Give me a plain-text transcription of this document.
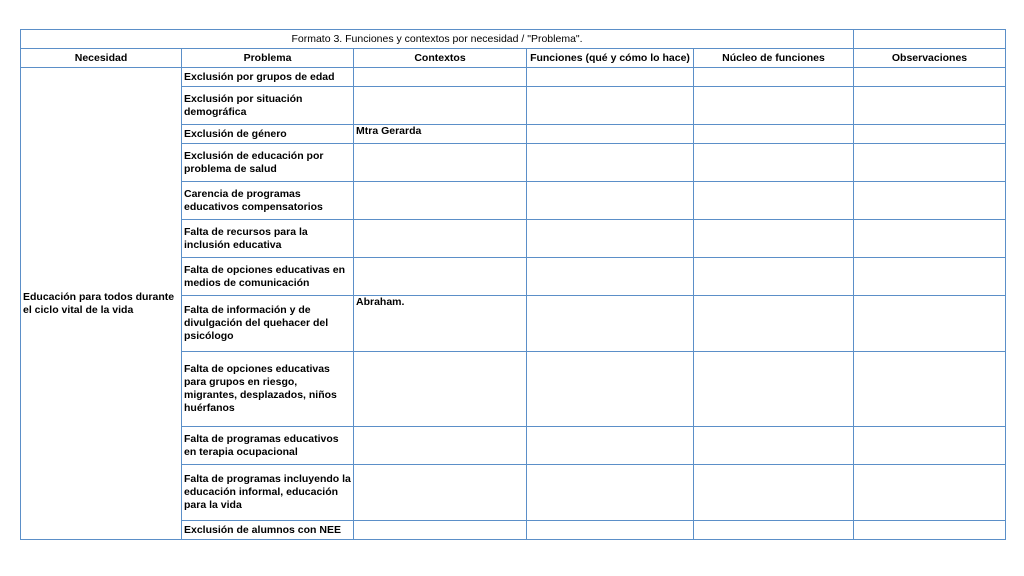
Formato 3. Funciones y contextos por necesidad / "Problema".					
Necesidad	Problema	Contextos	Funciones (qué y cómo lo hace)	Núcleo de funciones	Observaciones
Educación para todos durante el ciclo vital de la vida	Exclusión por grupos de edad				
	Exclusión por situación demográfica				
	Exclusión de género	Mtra Gerarda			
	Exclusión de educación por problema de salud				
	Carencia de programas educativos compensatorios				
	Falta de recursos para la inclusión educativa				
	Falta de opciones educativas en medios de comunicación				
	Falta de información y de divulgación del quehacer del psicólogo	Abraham.			
	Falta de opciones educativas para grupos en riesgo, migrantes, desplazados, niños huérfanos				
	Falta de programas educativos en terapia ocupacional				
	Falta de programas incluyendo la educación informal, educación para la vida				
	Exclusión de alumnos con NEE				
